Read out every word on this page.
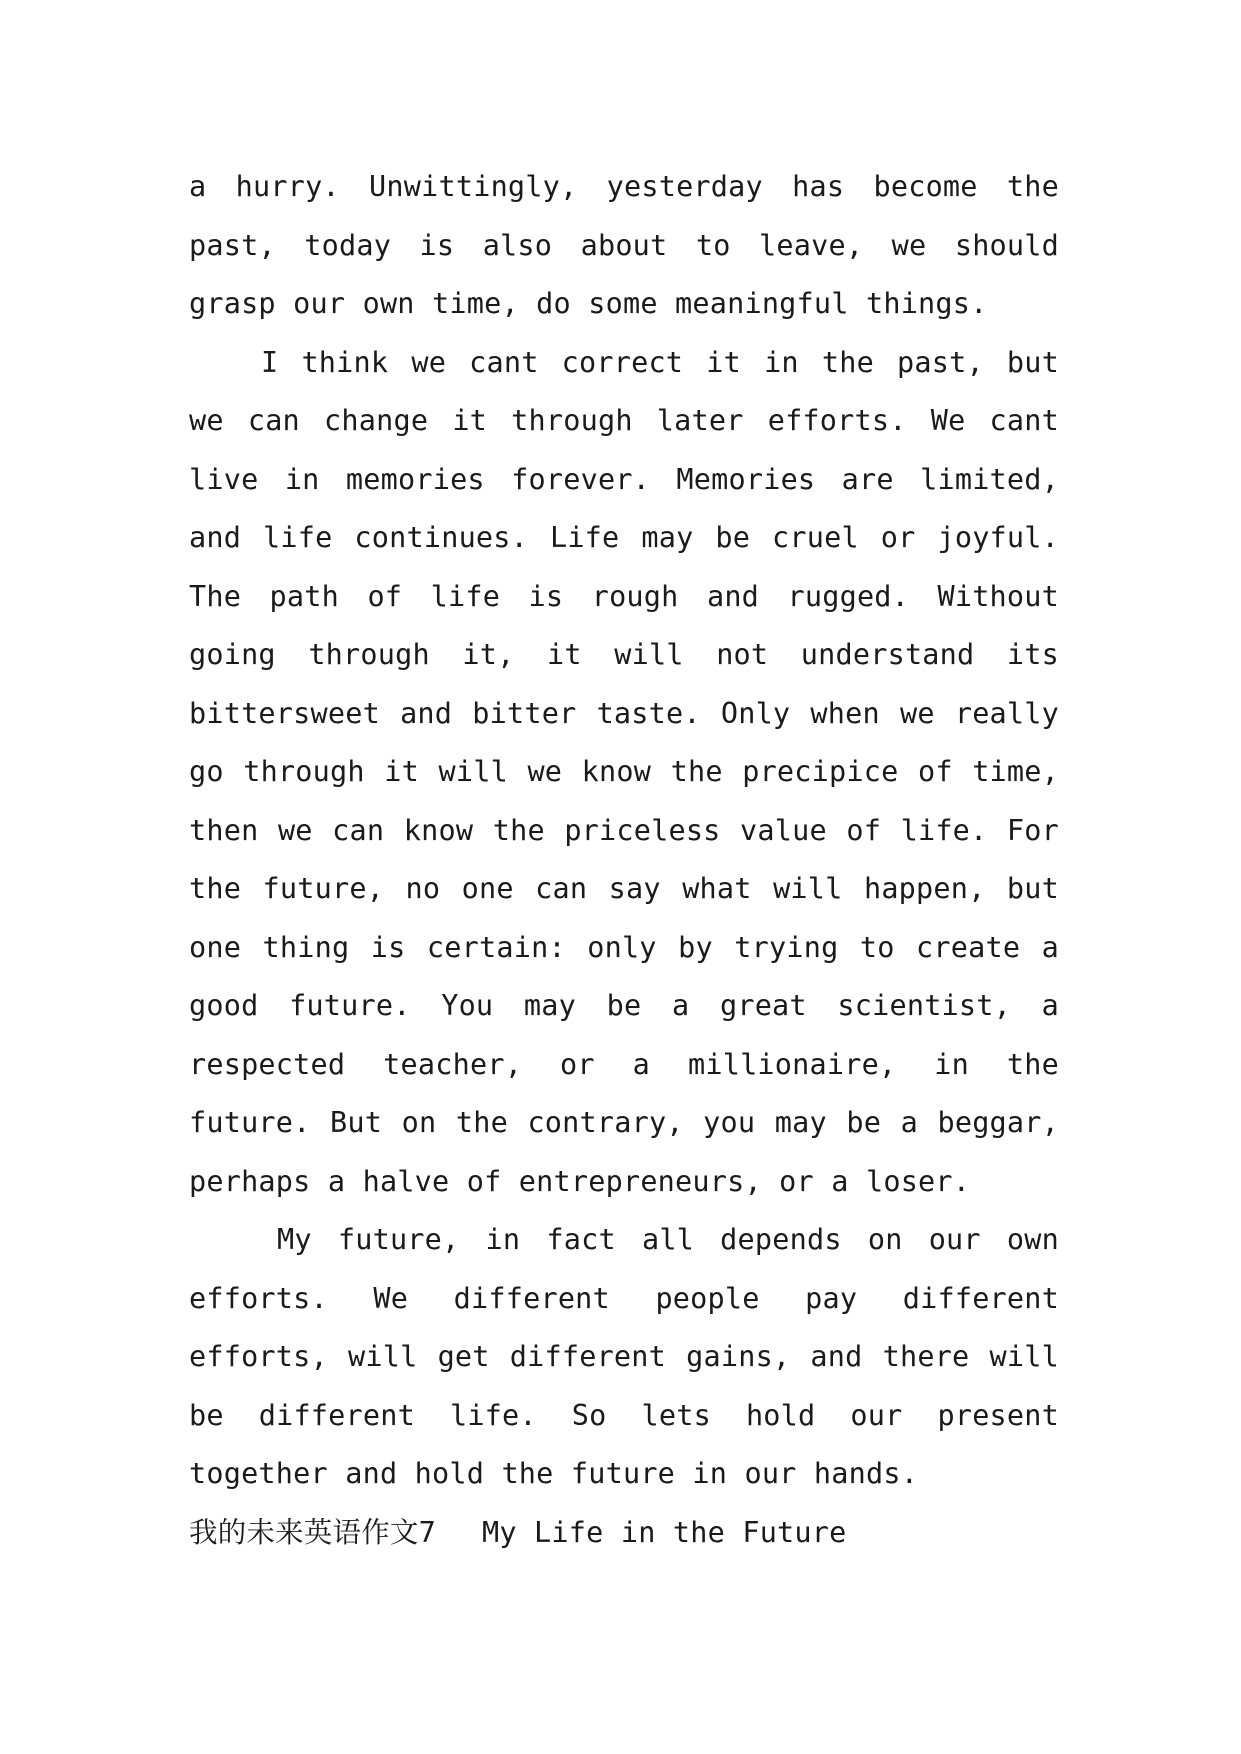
a hurry. Unwittingly, yesterday has become the past, today is also about to leave, we should grasp our own time, do some meaningful things.

I think we cant correct it in the past, but we can change it through later efforts. We cant live in memories forever. Memories are limited, and life continues. Life may be cruel or joyful. The path of life is rough and rugged. Without going through it, it will not understand its bittersweet and bitter taste. Only when we really go through it will we know the precipice of time, then we can know the priceless value of life. For the future, no one can say what will happen, but one thing is certain: only by trying to create a good future. You may be a great scientist, a respected teacher, or a millionaire, in the future. But on the contrary, you may be a beggar, perhaps a halve of entrepreneurs, or a loser.

My future, in fact all depends on our own efforts. We different people pay different efforts, will get different gains, and there will be different life. So lets hold our present together and hold the future in our hands.

我的未来英语作文7 My Life in the Future
